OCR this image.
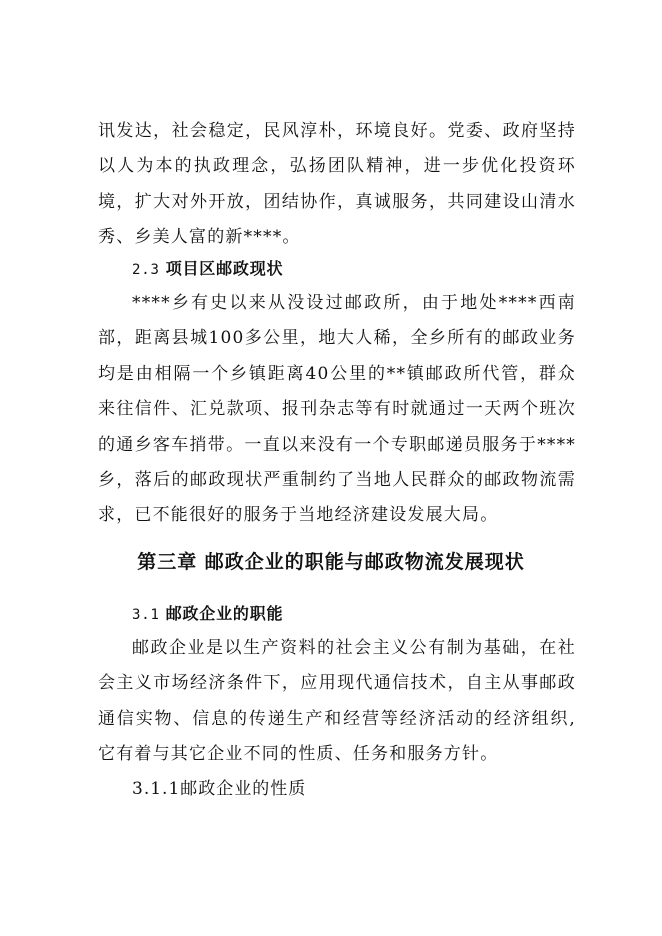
讯发达，社会稳定，民风淳朴，环境良好。党委、政府坚持以人为本的执政理念，弘扬团队精神，进一步优化投资环境，扩大对外开放，团结协作，真诚服务，共同建设山清水秀、乡美人富的新****。

2.3 项目区邮政现状

****乡有史以来从没设过邮政所，由于地处****西南部，距离县城100多公里，地大人稀，全乡所有的邮政业务均是由相隔一个乡镇距离40公里的**镇邮政所代管，群众来往信件、汇兑款项、报刊杂志等有时就通过一天两个班次的通乡客车捎带。一直以来没有一个专职邮递员服务于****乡，落后的邮政现状严重制约了当地人民群众的邮政物流需求，已不能很好的服务于当地经济建设发展大局。

第三章 邮政企业的职能与邮政物流发展现状
3.1 邮政企业的职能

邮政企业是以生产资料的社会主义公有制为基础，在社会主义市场经济条件下，应用现代通信技术，自主从事邮政通信实物、信息的传递生产和经营等经济活动的经济组织,它有着与其它企业不同的性质、任务和服务方针。

3.1.1邮政企业的性质
